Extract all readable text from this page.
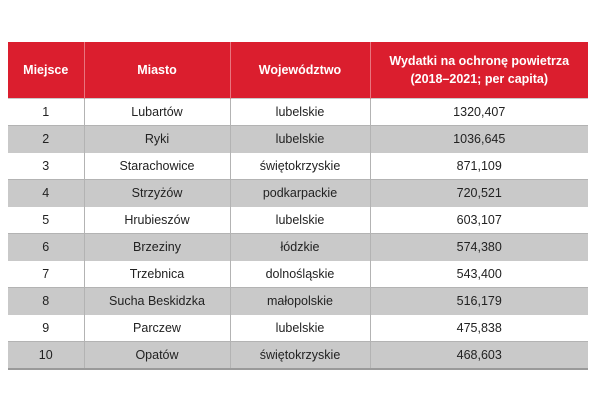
Miejsce	Miasto	Województwo	Wydatki na ochronę powietrza
(2018–2021; per capita)

1	Lubartów	lubelskie	1320,407
2	Ryki	lubelskie	1036,645
3	Starachowice	świętokrzyskie	871,109
4	Strzyżów	podkarpackie	720,521
5	Hrubieszów	lubelskie	603,107
6	Brzeziny	łódzkie	574,380
7	Trzebnica	dolnośląskie	543,400
8	Sucha Beskidzka	małopolskie	516,179
9	Parczew	lubelskie	475,838
10	Opatów	świętokrzyskie	468,603
